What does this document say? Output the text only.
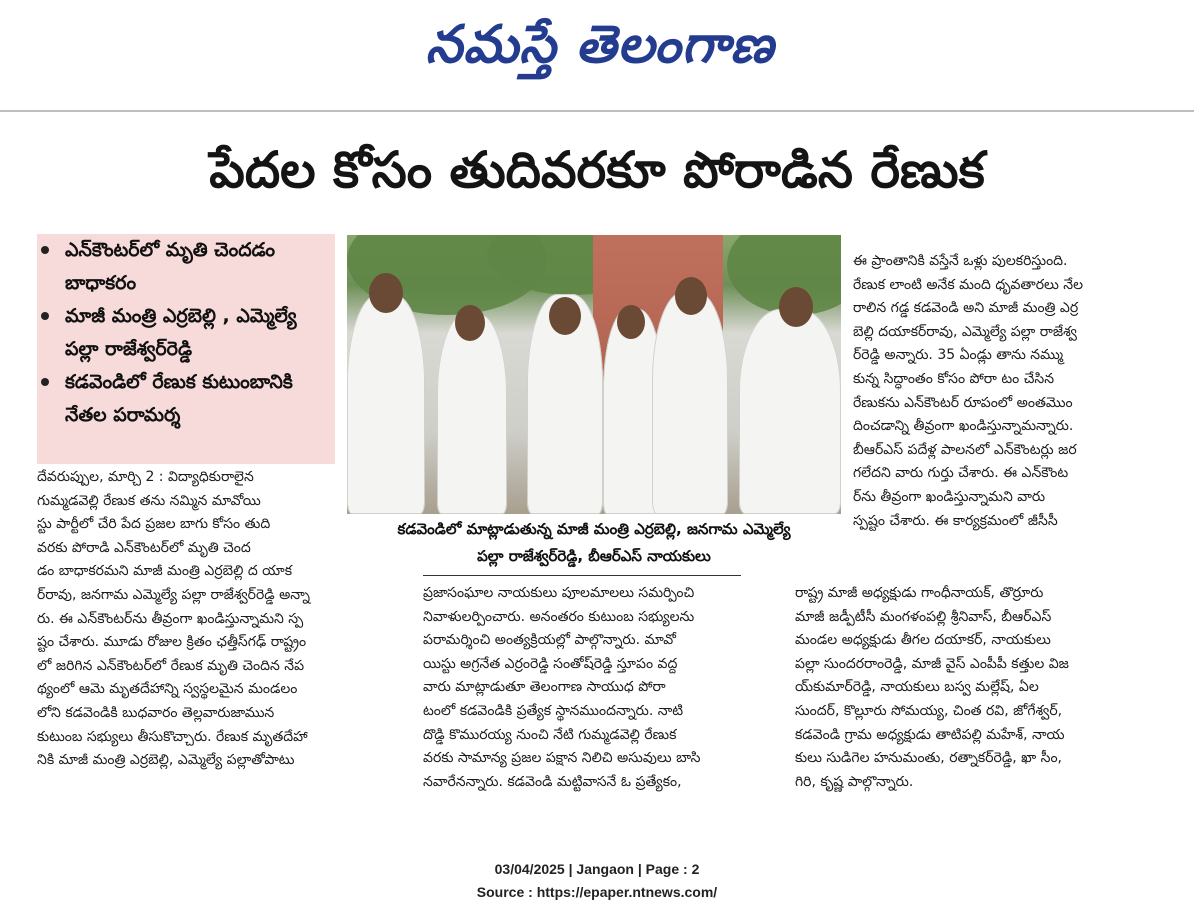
నమస్తే తెలంగాణ
పేదల కోసం తుదివరకూ పోరాడిన రేణుక
ఎన్‌కౌంటర్‌లో మృతి చెందడం బాధాకరం
మాజీ మంత్రి ఎర్రబెల్లి , ఎమ్మెల్యే పల్లా రాజేశ్వర్‌రెడ్డి
కడవెండిలో రేణుక కుటుంబానికి నేతల పరామర్శ

దేవరుప్పుల, మార్చి 2 : విద్యాధికురాలైన

గుమ్మడవెల్లి రేణుక తను నమ్మిన మావోయి

స్టు పార్టీలో చేరి పేద ప్రజల బాగు కోసం తుది

వరకు పోరాడి ఎన్‌కౌంటర్‌లో మృతి చెంద

డం బాధాకరమని మాజీ మంత్రి ఎర్రబెల్లి ద యాక

ర్‌రావు, జనగామ ఎమ్మెల్యే పల్లా రాజేశ్వర్‌రెడ్డి అన్నా

రు. ఈ ఎన్‌కౌంటర్‌ను తీవ్రంగా ఖండిస్తున్నామని స్ప

ష్టం చేశారు. మూడు రోజుల క్రితం ఛత్తీస్‌గఢ్ రాష్ట్రం

లో జరిగిన ఎన్‌కౌంటర్‌లో రేణుక మృతి చెందిన నేప

థ్యంలో ఆమె మృతదేహాన్ని స్వస్థలమైన మండలం

లోని కడవెండికి బుధవారం తెల్లవారుజామున

కుటుంబ సభ్యులు తీసుకొచ్చారు. రేణుక మృతదేహా

నికి మాజీ మంత్రి ఎర్రబెల్లి, ఎమ్మెల్యే పల్లాతోపాటు

కడవెండిలో మాట్లాడుతున్న మాజీ మంత్రి ఎర్రబెల్లి, జనగామ ఎమ్మెల్యే
పల్లా రాజేశ్వర్‌రెడ్డి, బీఆర్‌ఎస్ నాయకులు

ప్రజాసంఘాల నాయకులు పూలమాలలు సమర్పించి

నివాళులర్పించారు. అనంతరం కుటుంబ సభ్యులను

పరామర్శించి అంత్యక్రియల్లో పాల్గొన్నారు. మావో

యిస్టు అగ్రనేత ఎర్రంరెడ్డి సంతోష్‌రెడ్డి స్తూపం వద్ద

వారు మాట్లాడుతూ తెలంగాణ సాయుధ పోరా

టంలో కడవెండికి ప్రత్యేక స్థానముందన్నారు. నాటి

దొడ్డి కొమురయ్య నుంచి నేటి గుమ్మడవెల్లి రేణుక

వరకు సామాన్య ప్రజల పక్షాన నిలిచి అసువులు బాసి

నవారేనన్నారు. కడవెండి మట్టివాసనే ఓ ప్రత్యేకం,

ఈ ప్రాంతానికి వస్తేనే ఒళ్లు పులకరిస్తుంది.

రేణుక లాంటి అనేక మంది ధృవతారలు నేల

రాలిన గడ్డ కడవెండి అని మాజీ మంత్రి ఎర్ర

బెల్లి దయాకర్‌రావు, ఎమ్మెల్యే పల్లా రాజేశ్వ

ర్‌రెడ్డి అన్నారు. 35 ఏండ్లు తాను నమ్ము

కున్న సిద్ధాంతం కోసం పోరా టం చేసిన

రేణుకను ఎన్‌కౌంటర్ రూపంలో అంతమొం

దించడాన్ని తీవ్రంగా ఖండిస్తున్నామన్నారు.

బీఆర్‌ఎస్ పదేళ్ల పాలనలో ఎన్‌కౌంటర్లు జర

గలేదని వారు గుర్తు చేశారు. ఈ ఎన్‌కౌంట

ర్‌ను తీవ్రంగా ఖండిస్తున్నామని వారు

స్పష్టం చేశారు. ఈ కార్యక్రమంలో జీసీసీ

రాష్ట్ర మాజీ అధ్యక్షుడు గాంధీనాయక్, తొర్రూరు

మాజీ జడ్పీటీసీ మంగళంపల్లి శ్రీనివాస్, బీఆర్‌ఎస్

మండల అధ్యక్షుడు తీగల దయాకర్, నాయకులు

పల్లా సుందరరాంరెడ్డి, మాజీ వైస్ ఎంపీపీ కత్తుల విజ

య్‌కుమార్‌రెడ్డి, నాయకులు బస్వ మల్లేష్, ఏల

సుందర్, కొల్లూరు సోమయ్య, చింత రవి, జోగేశ్వర్,

కడవెండి గ్రామ అధ్యక్షుడు తాటిపల్లి మహేశ్, నాయ

కులు సుడిగెల హనుమంతు, రత్నాకర్‌రెడ్డి, ఖా సీం,

గిరి, కృష్ణ పాల్గొన్నారు.

03/04/2025 | Jangaon | Page : 2
Source : https://epaper.ntnews.com/
